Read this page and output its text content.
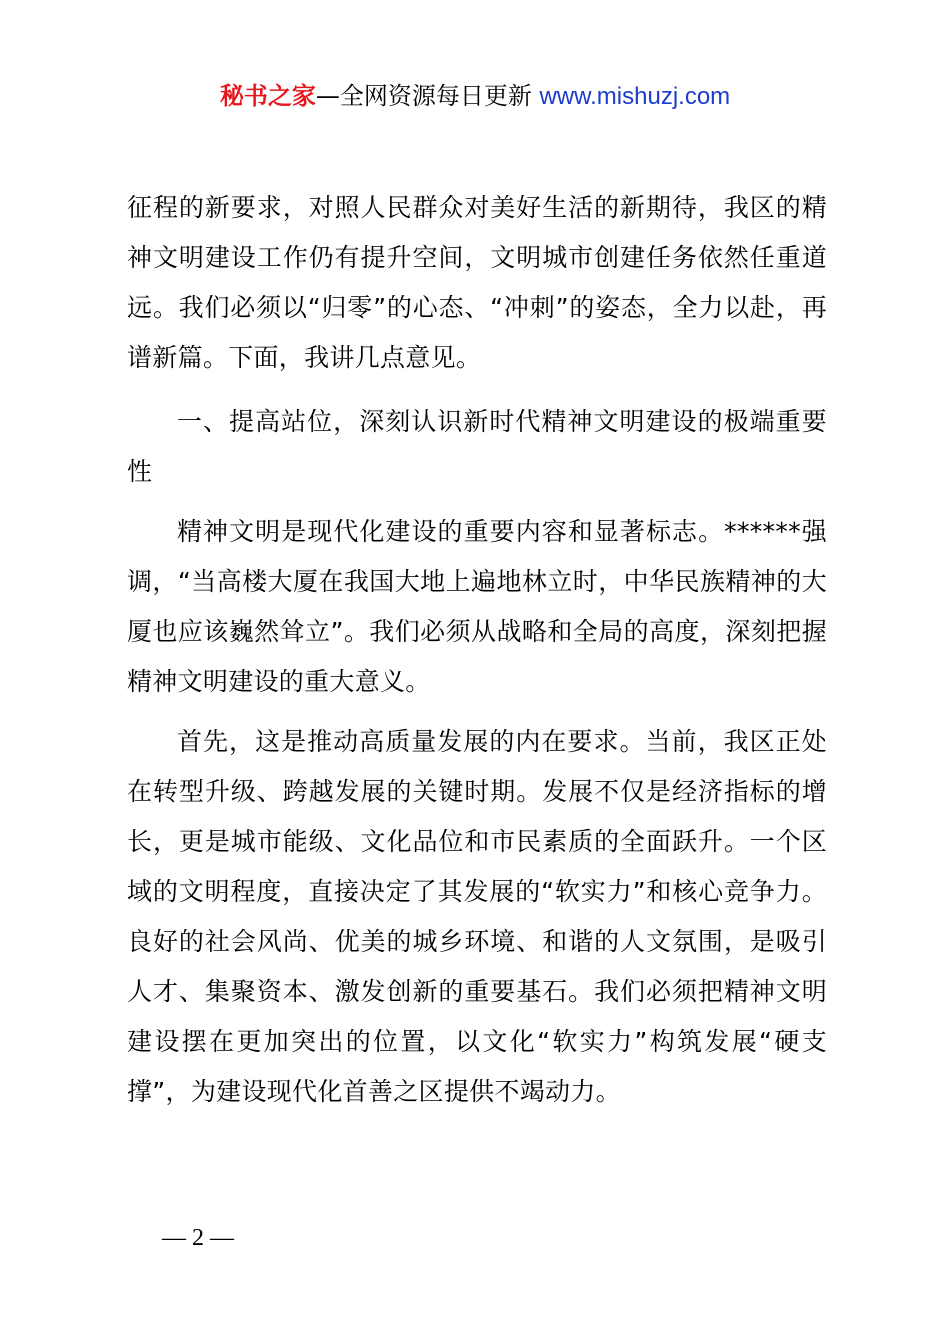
秘书之家—全网资源每日更新 www.mishuzj.com

征程的新要求，对照人民群众对美好生活的新期待，我区的精神文明建设工作仍有提升空间，文明城市创建任务依然任重道远。我们必须以“归零”的心态、“冲刺”的姿态，全力以赴，再谱新篇。下面，我讲几点意见。

一、提高站位，深刻认识新时代精神文明建设的极端重要性

精神文明是现代化建设的重要内容和显著标志。******强调，“当高楼大厦在我国大地上遍地林立时，中华民族精神的大厦也应该巍然耸立”。我们必须从战略和全局的高度，深刻把握精神文明建设的重大意义。

首先，这是推动高质量发展的内在要求。当前，我区正处在转型升级、跨越发展的关键时期。发展不仅是经济指标的增长，更是城市能级、文化品位和市民素质的全面跃升。一个区域的文明程度，直接决定了其发展的“软实力”和核心竞争力。良好的社会风尚、优美的城乡环境、和谐的人文氛围，是吸引人才、集聚资本、激发创新的重要基石。我们必须把精神文明建设摆在更加突出的位置，以文化“软实力”构筑发展“硬支撑”，为建设现代化首善之区提供不竭动力。

— 2 —
